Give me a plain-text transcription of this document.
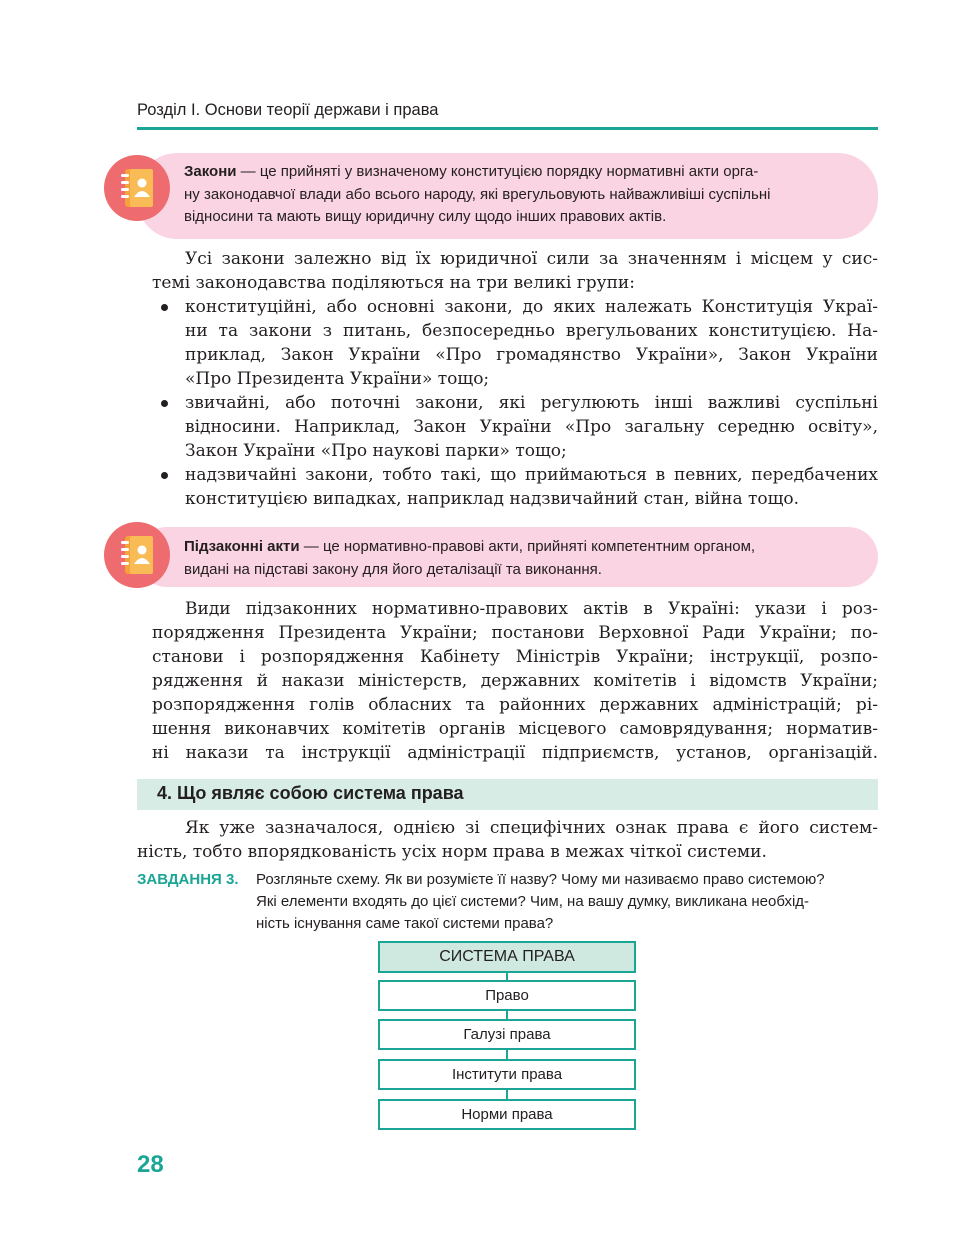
Розділ І. Основи теорії держави і права
Закони — це прийняті у визначеному конституцією порядку нормативні акти орга-
ну законодавчої влади або всього народу, які врегульовують найважливіші суспільні
відносини та мають вищу юридичну силу щодо інших правових актів.
Усі закони залежно від їх юридичної сили за значенням і місцем у сис-
темі законодавства поділяються на три великі групи:
конституційні, або основні закони, до яких належать Конституція Украї-
ни та закони з питань, безпосередньо врегульованих конституцією. На-
приклад, Закон України «Про громадянство України», Закон України
«Про Президента України» тощо;
звичайні, або поточні закони, які регулюють інші важливі суспільні
відносини. Наприклад, Закон України «Про загальну середню освіту»,
Закон України «Про наукові парки» тощо;
надзвичайні закони, тобто такі, що приймаються в певних, передбачених
конституцією випадках, наприклад надзвичайний стан, війна тощо.
Підзаконні акти — це нормативно-правові акти, прийняті компетентним органом,
видані на підставі закону для його деталізації та виконання.
Види підзаконних нормативно-правових актів в Україні: укази і роз-
порядження Президента України; постанови Верховної Ради України; по-
станови і розпорядження Кабінету Міністрів України; інструкції, розпо-
рядження й накази міністерств, державних комітетів і відомств України;
розпорядження голів обласних та районних державних адміністрацій; рі-
шення виконавчих комітетів органів місцевого самоврядування; норматив-
ні накази та інструкції адміністрації підприємств, установ, організацій.
4. Що являє собою система права
Як уже зазначалося, однією зі специфічних ознак права є його систем-
ність, тобто впорядкованість усіх норм права в межах чіткої системи.
ЗАВДАННЯ 3. Розгляньте схему. Як ви розумієте її назву? Чому ми називаємо право системою?
Які елементи входять до цієї системи? Чим, на вашу думку, викликана необхід-
ність існування саме такої системи права?
СИСТЕМА ПРАВА
Право
Галузі права
Інститути права
Норми права
28
